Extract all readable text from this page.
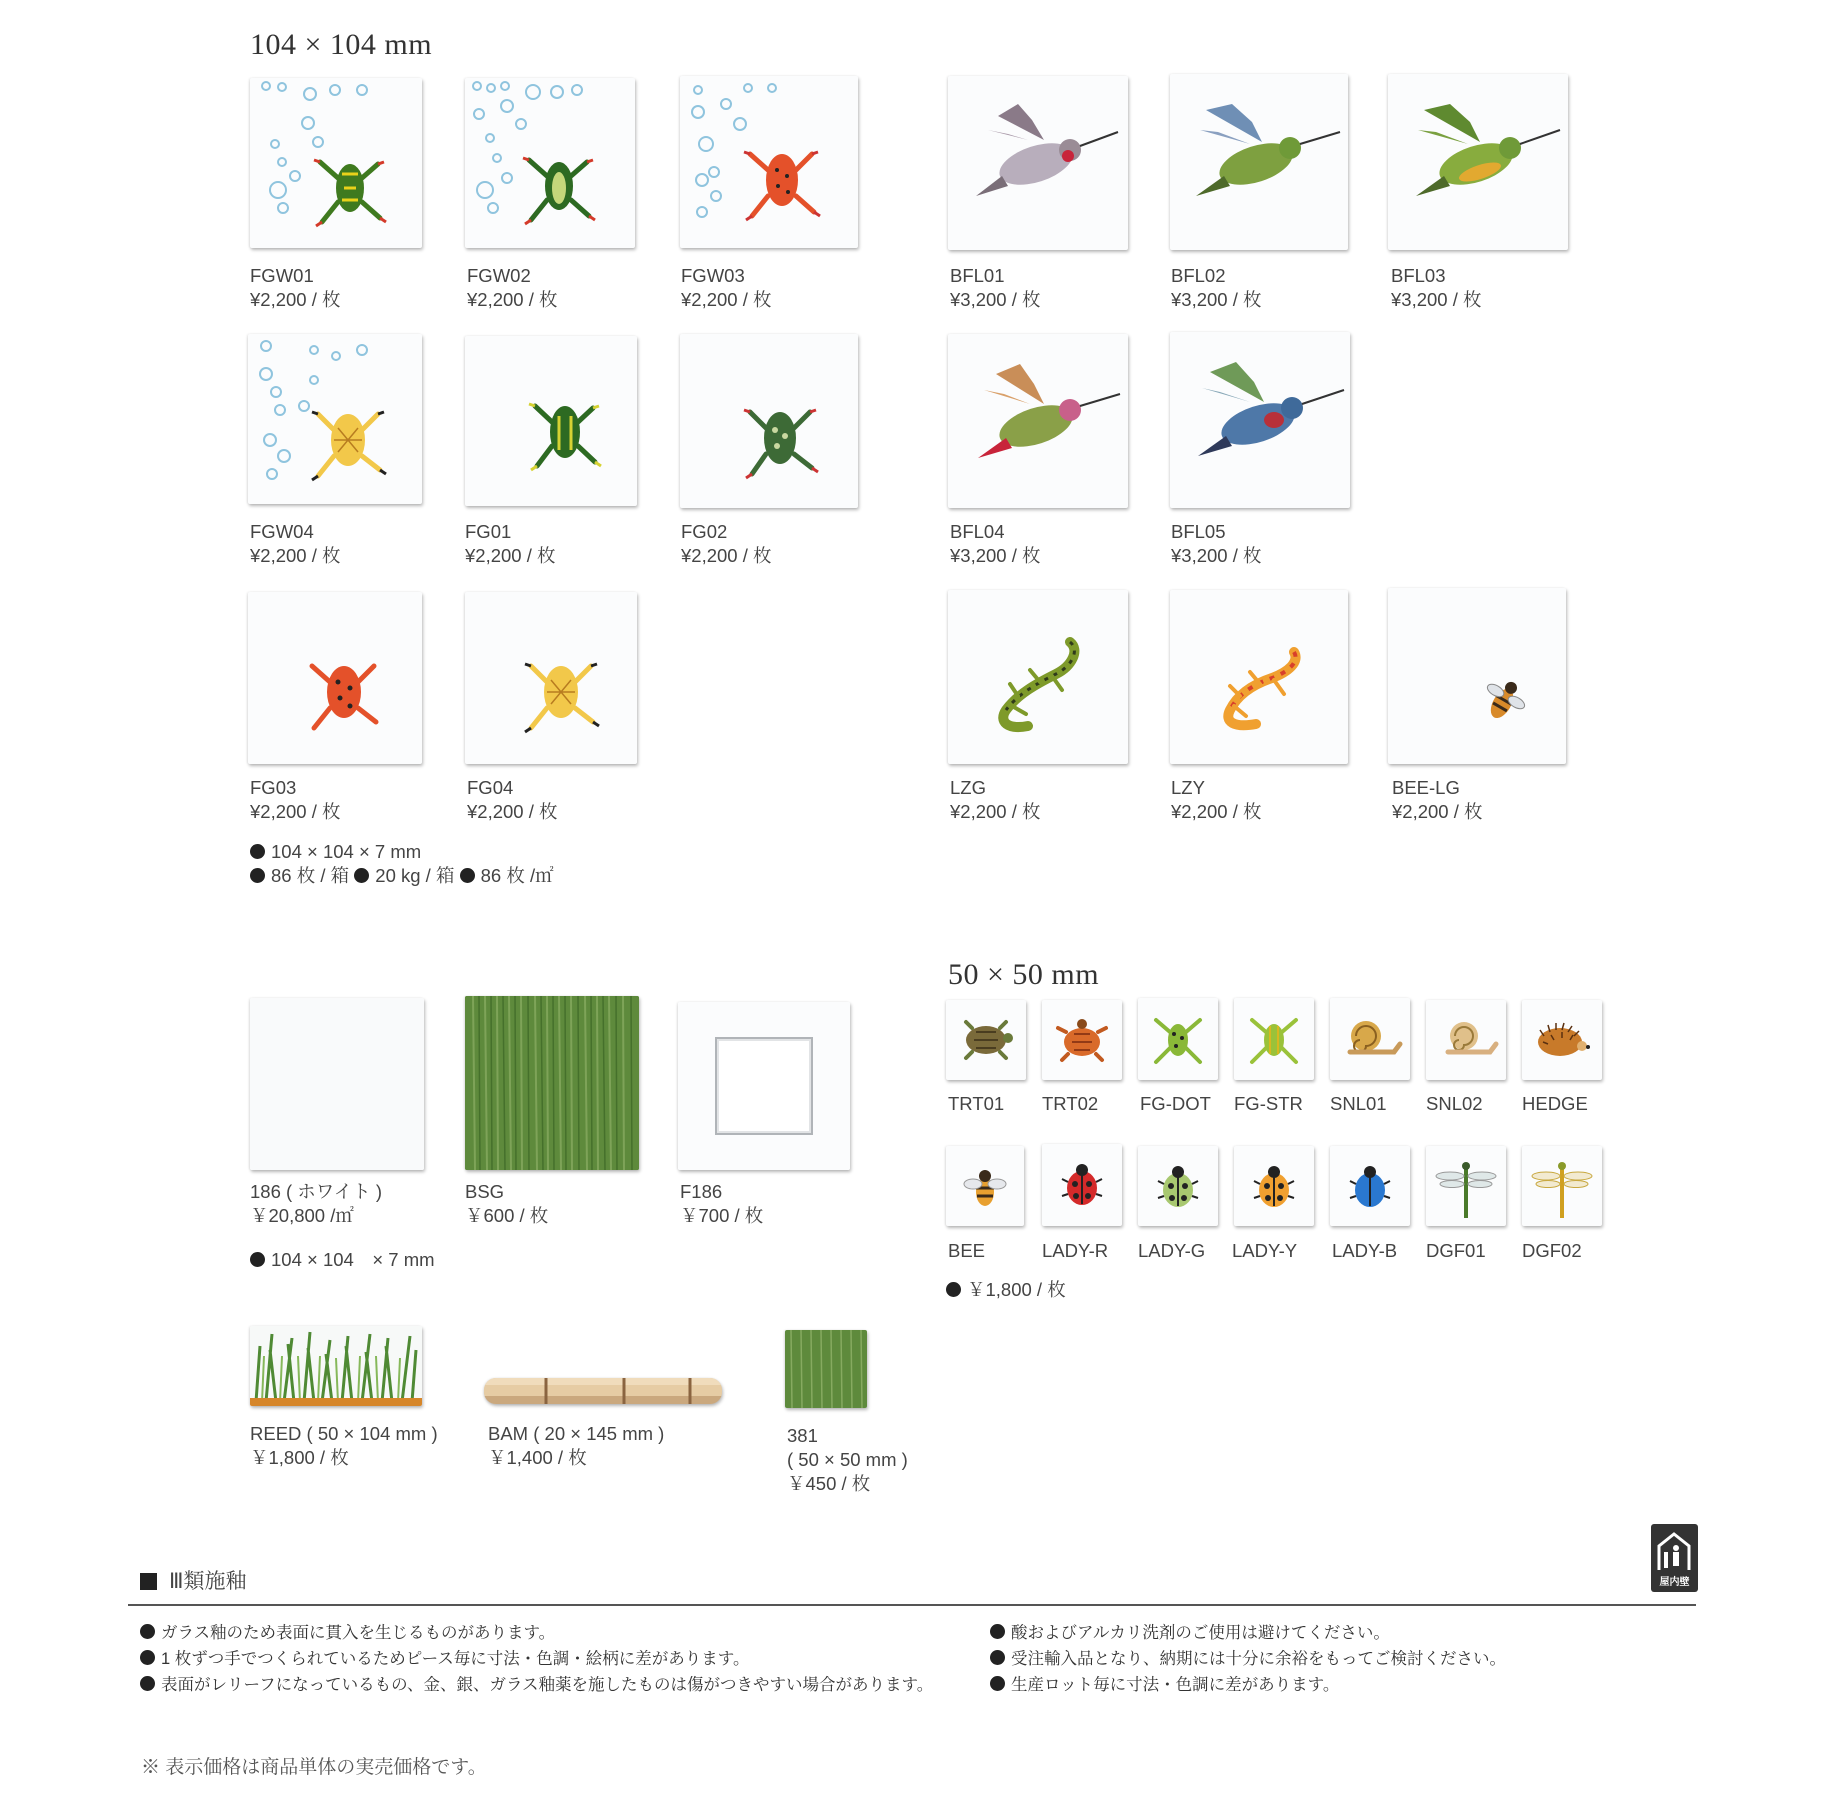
104 × 104 mm
50 × 50 mm
FGW01
¥2,200 / 枚
FGW02
¥2,200 / 枚
FGW03
¥2,200 / 枚
BFL01
¥3,200 / 枚
BFL02
¥3,200 / 枚
BFL03
¥3,200 / 枚
FGW04
¥2,200 / 枚
FG01
¥2,200 / 枚
FG02
¥2,200 / 枚
BFL04
¥3,200 / 枚
BFL05
¥3,200 / 枚
FG03
¥2,200 / 枚
FG04
¥2,200 / 枚
LZG
¥2,200 / 枚
LZY
¥2,200 / 枚
BEE-LG
¥2,200 / 枚
104 × 104 × 7 mm
86 枚 / 箱 20 kg / 箱 86 枚 /㎡
186 ( ホワイト )
￥20,800 /㎡
BSG
￥600 / 枚
F186
￥700 / 枚
104 × 104　× 7 mm
REED ( 50 × 104 mm )
￥1,800 / 枚
BAM ( 20 × 145 mm )
￥1,400 / 枚
381
( 50 × 50 mm )
￥450 / 枚
TRT01 TRT02 FG-DOT FG-STR SNL01 SNL02 HEDGE
BEE	LADY-R LADY-G LADY-Y LADY-B DGF01 DGF02
￥1,800 / 枚
Ⅲ類施釉	屋内壁
ガラス釉のため表面に貫入を生じるものがあります。
1 枚ずつ手でつくられているためピース毎に寸法・色調・絵柄に差があります。
表面がレリーフになっているもの、金、銀、ガラス釉薬を施したものは傷がつきやすい場合があります。
酸およびアルカリ洗剤のご使用は避けてください。
受注輸入品となり、納期には十分に余裕をもってご検討ください。
生産ロット毎に寸法・色調に差があります。
※ 表示価格は商品単体の実売価格です。
